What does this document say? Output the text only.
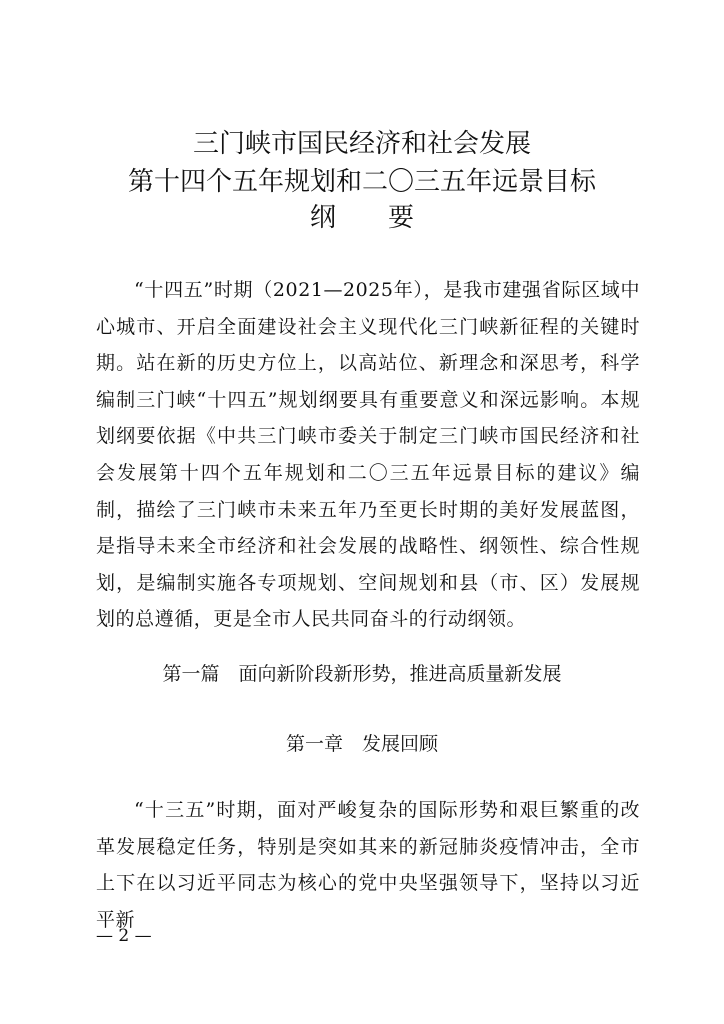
三门峡市国民经济和社会发展
第十四个五年规划和二〇三五年远景目标
纲　　要

“十四五”时期（2021—2025年），是我市建强省际区域中心城市、开启全面建设社会主义现代化三门峡新征程的关键时期。站在新的历史方位上，以高站位、新理念和深思考，科学编制三门峡“十四五”规划纲要具有重要意义和深远影响。本规划纲要依据《中共三门峡市委关于制定三门峡市国民经济和社会发展第十四个五年规划和二〇三五年远景目标的建议》编制，描绘了三门峡市未来五年乃至更长时期的美好发展蓝图，是指导未来全市经济和社会发展的战略性、纲领性、综合性规划，是编制实施各专项规划、空间规划和县（市、区）发展规划的总遵循，更是全市人民共同奋斗的行动纲领。

第一篇　面向新阶段新形势，推进高质量新发展
第一章　发展回顾

“十三五”时期，面对严峻复杂的国际形势和艰巨繁重的改革发展稳定任务，特别是突如其来的新冠肺炎疫情冲击，全市上下在以习近平同志为核心的党中央坚强领导下，坚持以习近平新

— 2 —
